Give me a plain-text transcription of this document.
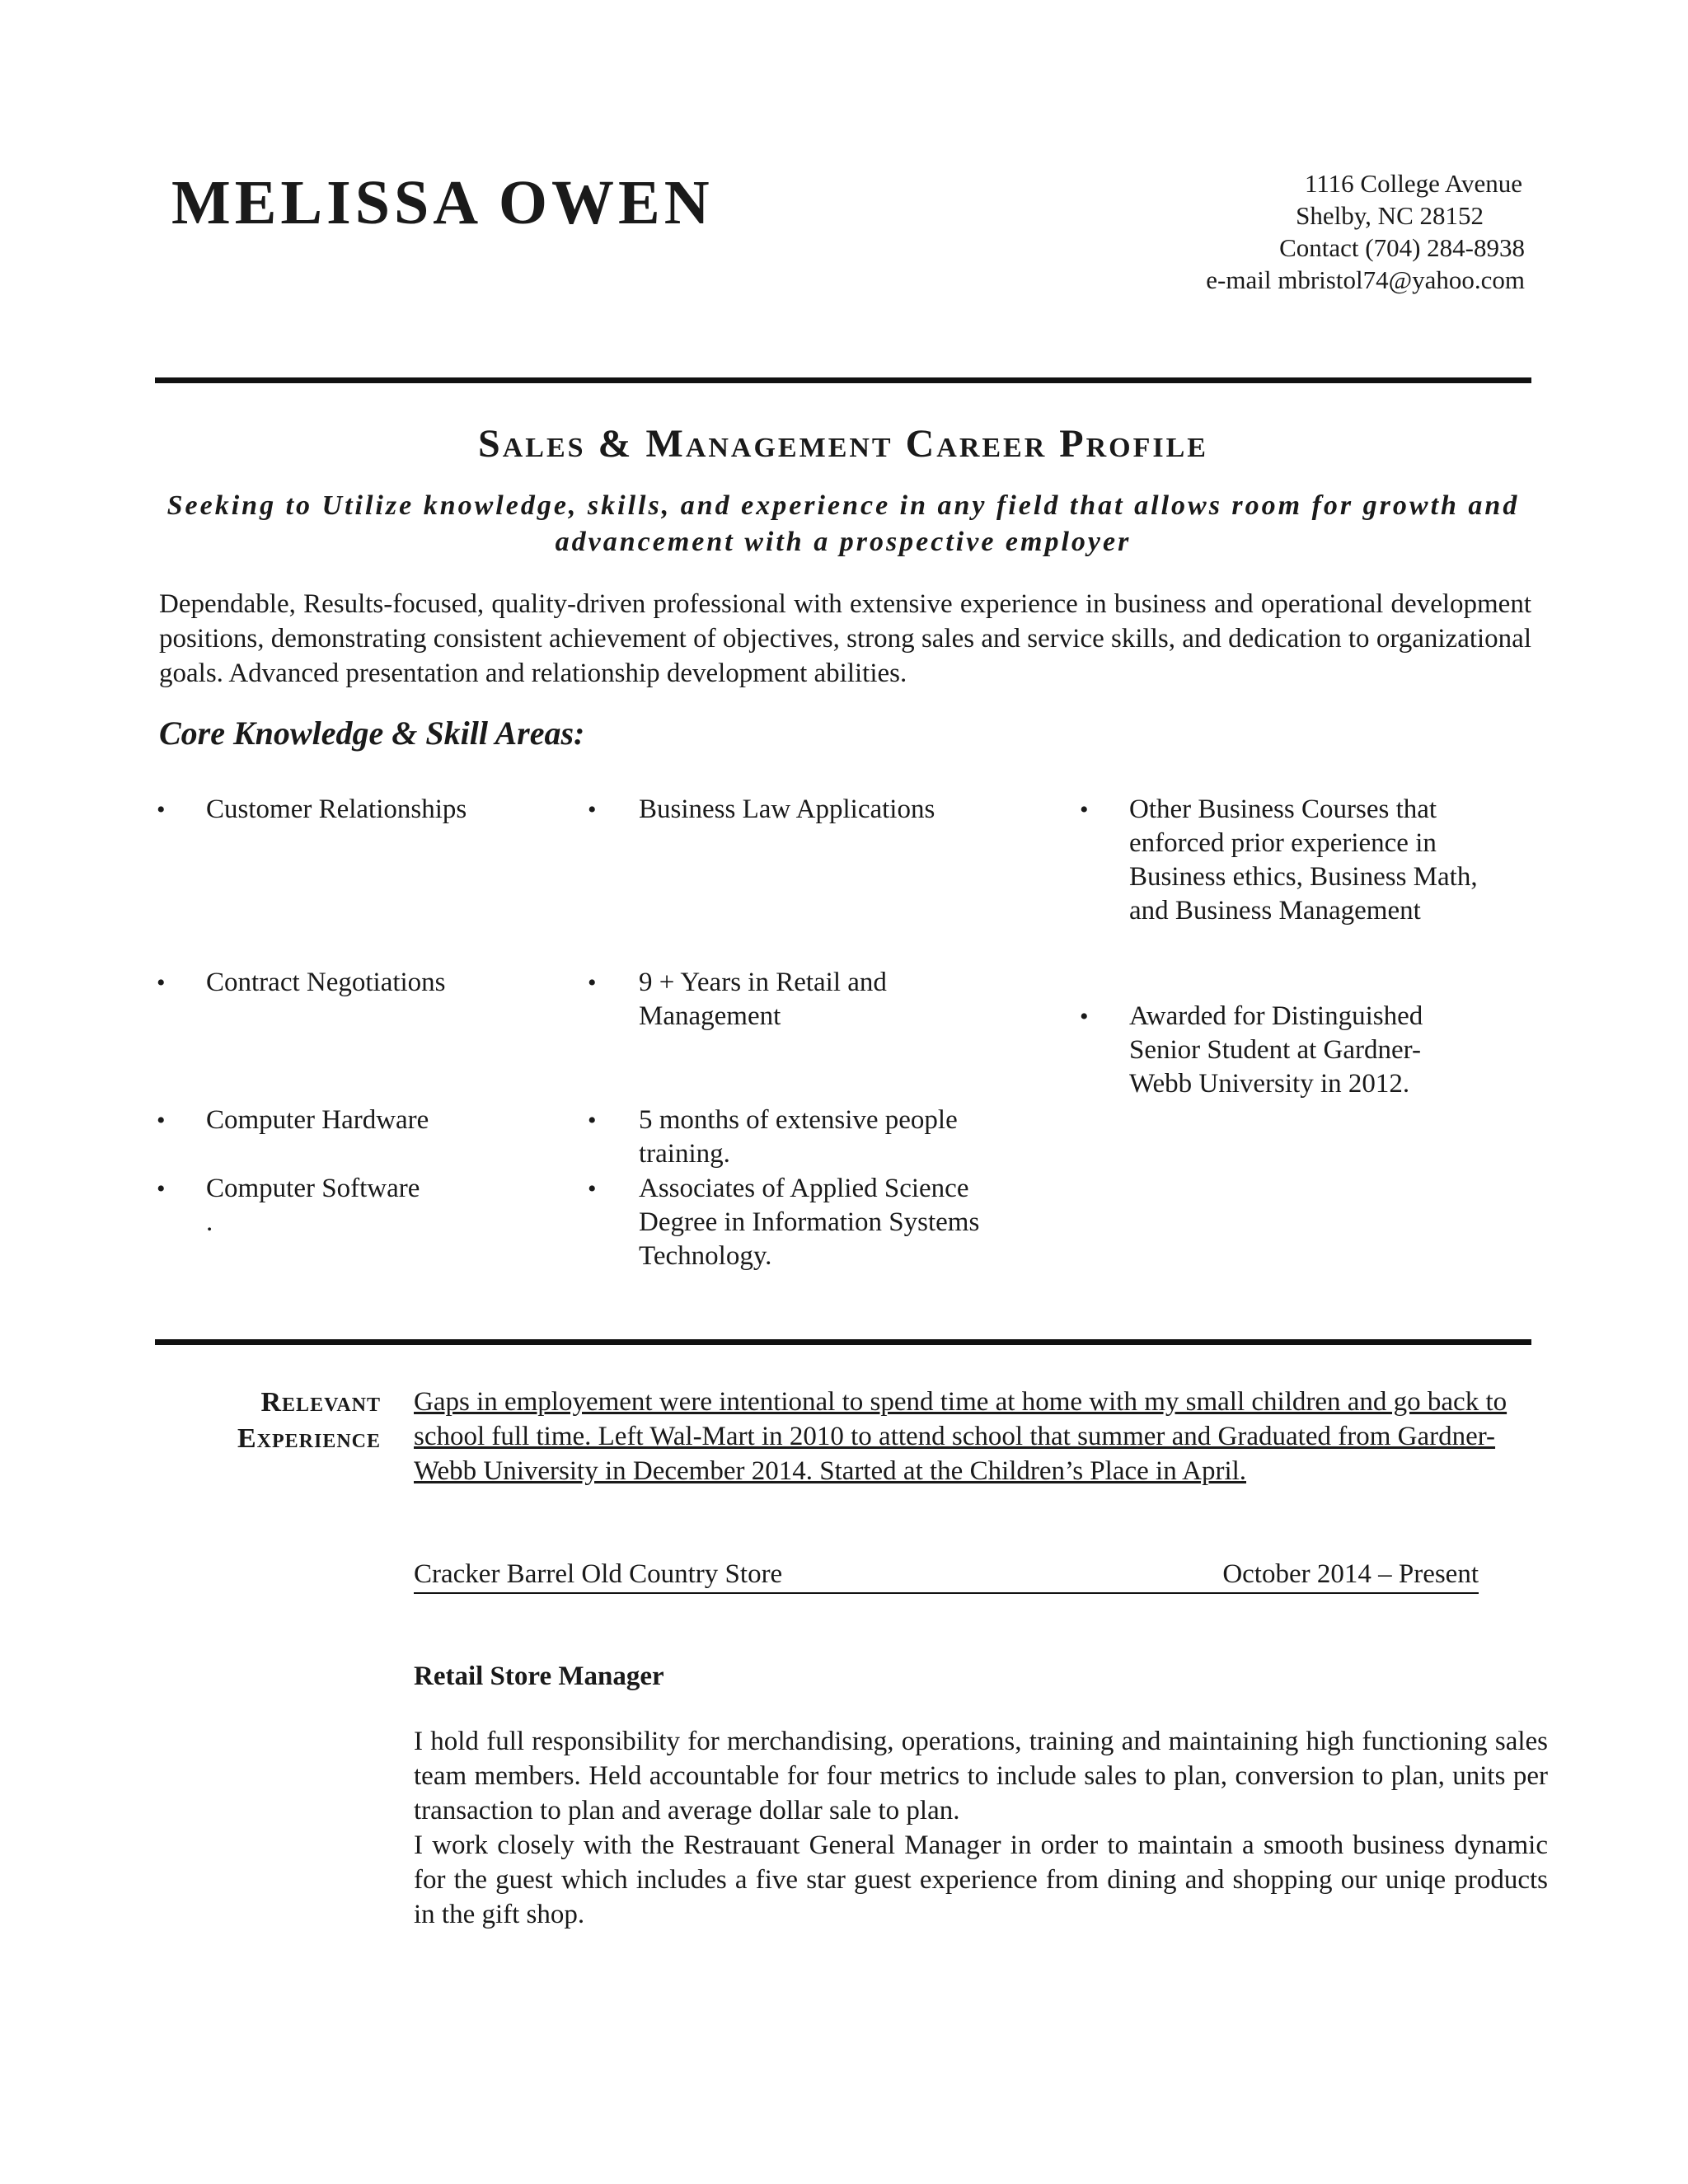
MELISSA OWEN	1116 College Avenue
Shelby, NC 28152
Contact (704) 284-8938
e-mail mbristol74@yahoo.com
Sales & Management Career Profile
Seeking to Utilize knowledge, skills, and experience in any field that allows room for growth and
advancement with a prospective employer
Dependable, Results-focused, quality-driven professional with extensive experience in business and operational development positions, demonstrating consistent achievement of objectives, strong sales and service skills, and dedication to organizational goals. Advanced presentation and relationship development abilities.
Core Knowledge & Skill Areas:
• Customer Relationships
• Contract Negotiations
• Computer Hardware
• Computer Software
.
• Business Law Applications
• 9 + Years in Retail and Management
• 5 months of extensive people training.
• Associates of Applied Science Degree in Information Systems Technology.
• Other Business Courses that enforced prior experience in Business ethics, Business Math, and Business Management
• Awarded for Distinguished Senior Student at Gardner-Webb University in 2012.
Relevant
Experience
Gaps in employement were intentional to spend time at home with my small children and go back to school full time. Left Wal-Mart in 2010 to attend school that summer and Graduated from Gardner-Webb University in December 2014. Started at the Children’s Place in April.
Cracker Barrel Old Country Store	October 2014 – Present
Retail Store Manager

I hold full responsibility for merchandising, operations, training and maintaining high functioning sales team members. Held accountable for four metrics to include sales to plan, conversion to plan, units per transaction to plan and average dollar sale to plan.

I work closely with the Restrauant General Manager in order to maintain a smooth business dynamic for the guest which includes a five star guest experience from dining and shopping our uniqe products in the gift shop.
